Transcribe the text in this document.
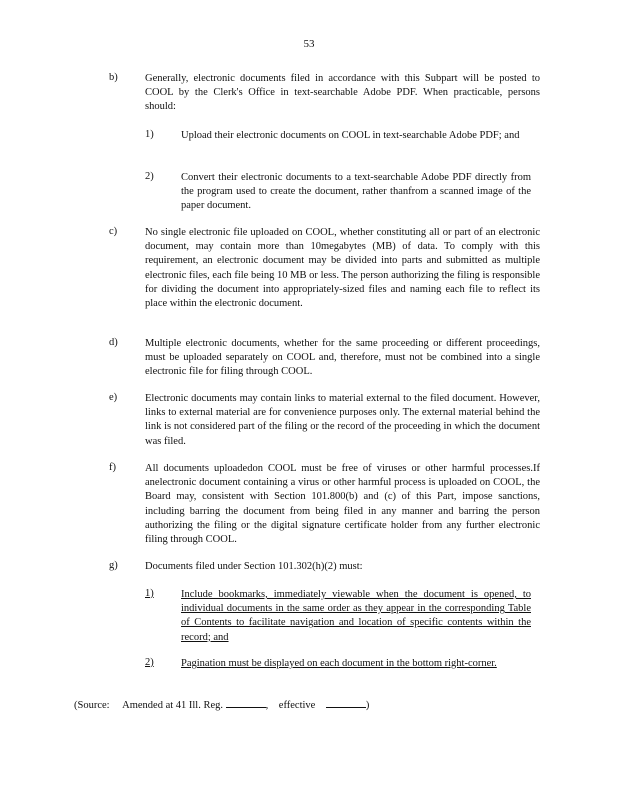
53
b)	Generally, electronic documents filed in accordance with this Subpart will be posted to COOL by the Clerk's Office in text-searchable Adobe PDF. When practicable, persons should:
1)	Upload their electronic documents on COOL in text-searchable Adobe PDF; and
2)	Convert their electronic documents to a text-searchable Adobe PDF directly from the program used to create the document, rather thanfrom a scanned image of the paper document.
c)	No single electronic file uploaded on COOL, whether constituting all or part of an electronic document, may contain more than 10megabytes (MB) of data. To comply with this requirement, an electronic document may be divided into parts and submitted as multiple electronic files, each file being 10 MB or less. The person authorizing the filing is responsible for dividing the document into appropriately-sized files and naming each file to reflect its place within the electronic document.
d)	Multiple electronic documents, whether for the same proceeding or different proceedings, must be uploaded separately on COOL and, therefore, must not be combined into a single electronic file for filing through COOL.
e)	Electronic documents may contain links to material external to the filed document. However, links to external material are for convenience purposes only. The external material behind the link is not considered part of the filing or the record of the proceeding in which the document was filed.
f)	All documents uploadedon COOL must be free of viruses or other harmful processes.If anelectronic document containing a virus or other harmful process is uploaded on COOL, the Board may, consistent with Section 101.800(b) and (c) of this Part, impose sanctions, including barring the document from being filed in any manner and barring the person authorizing the filing or the digital signature certificate holder from any further electronic filing through COOL.
g)	Documents filed under Section 101.302(h)(2) must:
1)	Include bookmarks, immediately viewable when the document is opened, to individual documents in the same order as they appear in the corresponding Table of Contents to facilitate navigation and location of specific contents within the record; and
2)	Pagination must be displayed on each document in the bottom right-corner.
(Source: Amended at 41 Ill. Reg.	, effective	)
